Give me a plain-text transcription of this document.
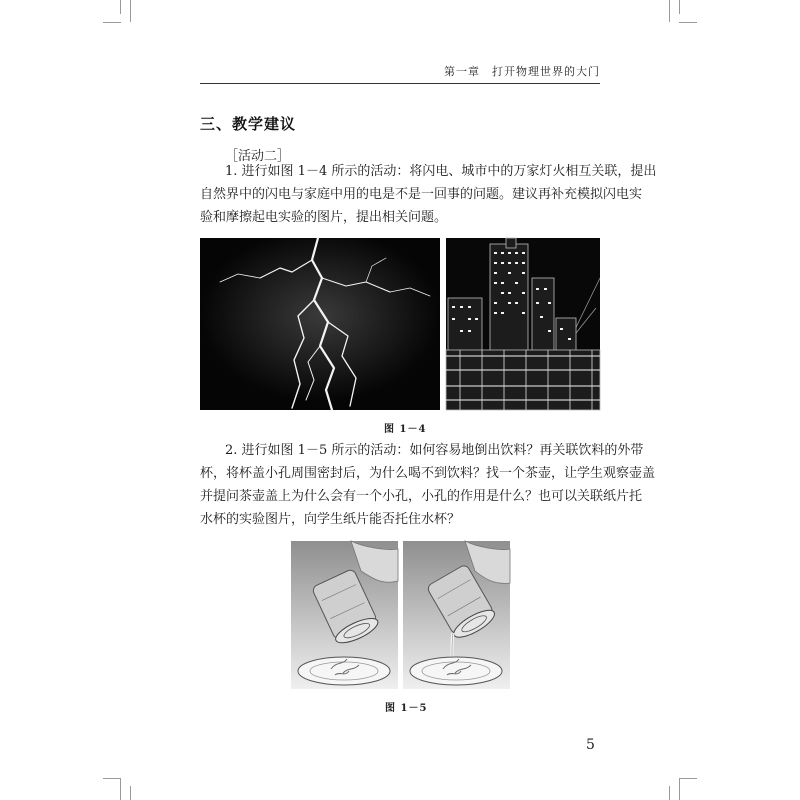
第一章　打开物理世界的大门
三、教学建议
［活动二］

1. 进行如图 1－4 所示的活动：将闪电、城市中的万家灯火相互关联，提出
自然界中的闪电与家庭中用的电是不是一回事的问题。建议再补充模拟闪电实
验和摩擦起电实验的图片，提出相关问题。

图 1－4

2. 进行如图 1－5 所示的活动：如何容易地倒出饮料？再关联饮料的外带
杯，将杯盖小孔周围密封后，为什么喝不到饮料？找一个茶壶，让学生观察壶盖
并提问茶壶盖上为什么会有一个小孔，小孔的作用是什么？也可以关联纸片托
水杯的实验图片，向学生纸片能否托住水杯？

图 1－5
5
